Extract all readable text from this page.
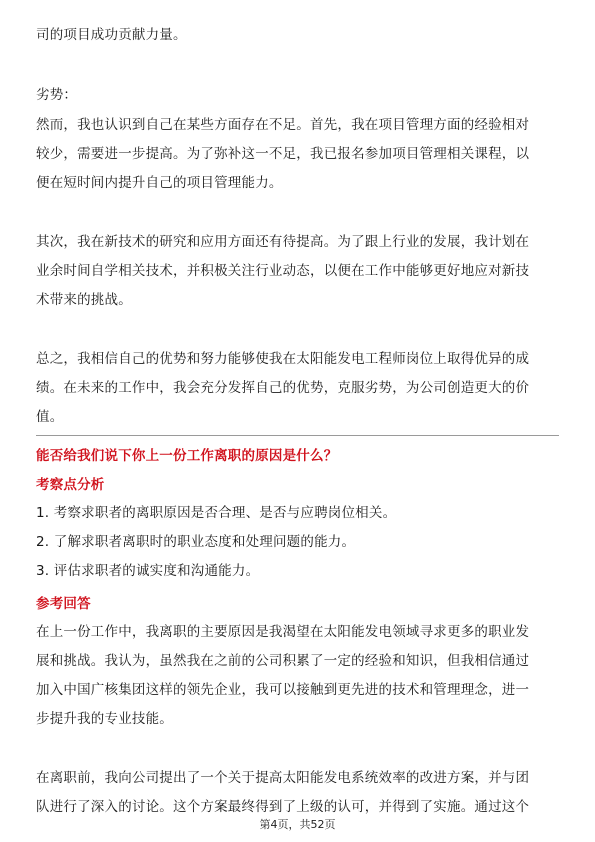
司的项目成功贡献力量。
劣势：
然而，我也认识到自己在某些方面存在不足。首先，我在项目管理方面的经验相对
较少，需要进一步提高。为了弥补这一不足，我已报名参加项目管理相关课程，以
便在短时间内提升自己的项目管理能力。
其次，我在新技术的研究和应用方面还有待提高。为了跟上行业的发展，我计划在
业余时间自学相关技术，并积极关注行业动态，以便在工作中能够更好地应对新技
术带来的挑战。
总之，我相信自己的优势和努力能够使我在太阳能发电工程师岗位上取得优异的成
绩。在未来的工作中，我会充分发挥自己的优势，克服劣势，为公司创造更大的价
值。
能否给我们说下你上一份工作离职的原因是什么？
考察点分析
1. 考察求职者的离职原因是否合理、是否与应聘岗位相关。
2. 了解求职者离职时的职业态度和处理问题的能力。
3. 评估求职者的诚实度和沟通能力。
参考回答
在上一份工作中，我离职的主要原因是我渴望在太阳能发电领域寻求更多的职业发
展和挑战。我认为，虽然我在之前的公司积累了一定的经验和知识，但我相信通过
加入中国广核集团这样的领先企业，我可以接触到更先进的技术和管理理念，进一
步提升我的专业技能。
在离职前，我向公司提出了一个关于提高太阳能发电系统效率的改进方案，并与团
队进行了深入的讨论。这个方案最终得到了上级的认可，并得到了实施。通过这个
第4页，共52页
